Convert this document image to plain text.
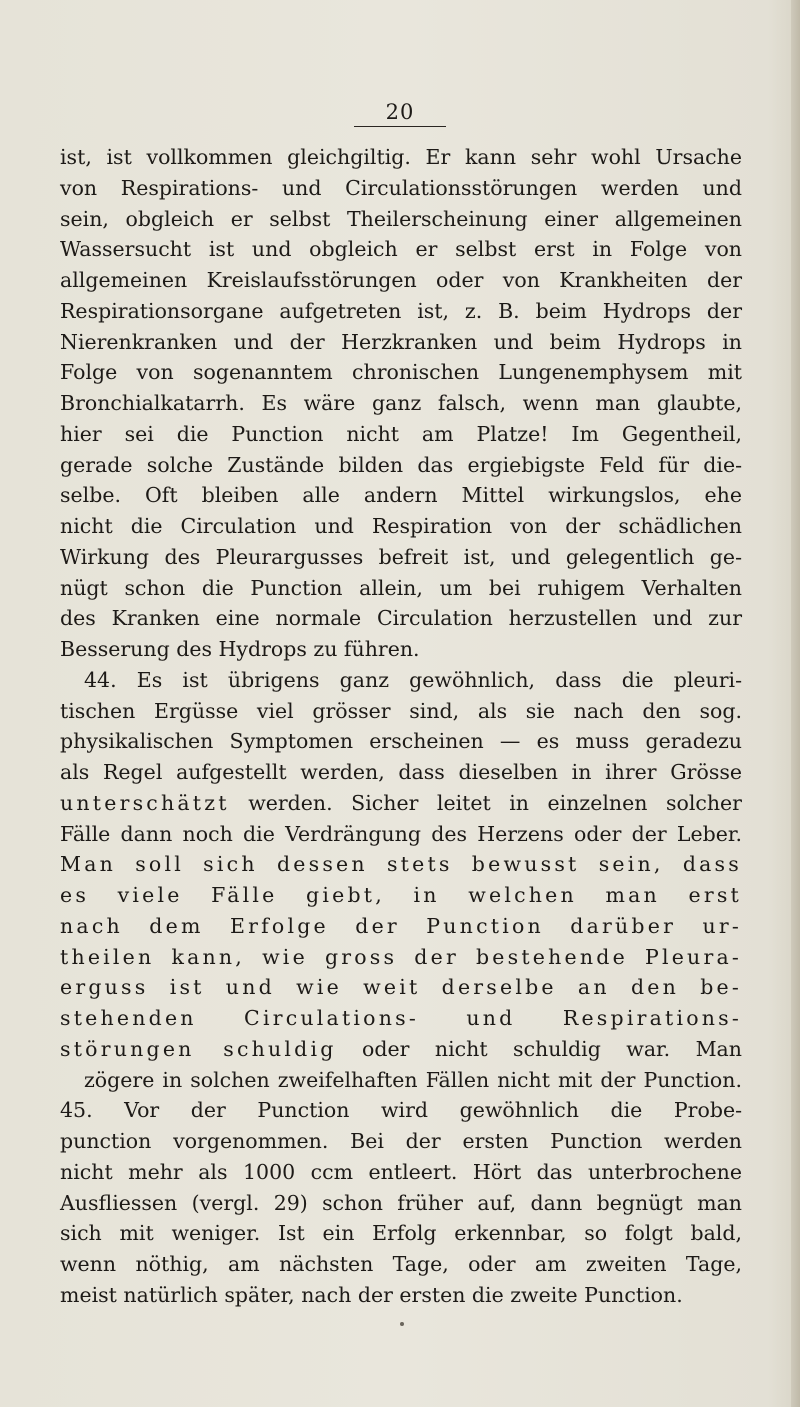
20
ist, ist vollkommen gleichgiltig. Er kann sehr wohl Ursache
von Respirations- und Circulationsstörungen werden und
sein, obgleich er selbst Theilerscheinung einer allgemeinen
Wassersucht ist und obgleich er selbst erst in Folge von
allgemeinen Kreislaufsstörungen oder von Krankheiten der
Respirationsorgane aufgetreten ist, z. B. beim Hydrops der
Nierenkranken und der Herzkranken und beim Hydrops in
Folge von sogenanntem chronischen Lungenemphysem mit
Bronchialkatarrh. Es wäre ganz falsch, wenn man glaubte,
hier sei die Punction nicht am Platze! Im Gegentheil,
gerade solche Zustände bilden das ergiebigste Feld für die-
selbe. Oft bleiben alle andern Mittel wirkungslos, ehe
nicht die Circulation und Respiration von der schädlichen
Wirkung des Pleurargusses befreit ist, und gelegentlich ge-
nügt schon die Punction allein, um bei ruhigem Verhalten
des Kranken eine normale Circulation herzustellen und zur
Besserung des Hydrops zu führen.
44. Es ist übrigens ganz gewöhnlich, dass die pleuri-
tischen Ergüsse viel grösser sind, als sie nach den sog.
physikalischen Symptomen erscheinen — es muss geradezu
als Regel aufgestellt werden, dass dieselben in ihrer Grösse
unterschätzt werden. Sicher leitet in einzelnen solcher
Fälle dann noch die Verdrängung des Herzens oder der Leber.
Man soll sich dessen stets bewusst sein, dass
es viele Fälle giebt, in welchen man erst
nach dem Erfolge der Punction darüber ur-
theilen kann, wie gross der bestehende Pleura-
erguss ist und wie weit derselbe an den be-
stehenden Circulations- und Respirations-
störungen schuldig oder nicht schuldig war. Man
zögere in solchen zweifelhaften Fällen nicht mit der Punction.
45. Vor der Punction wird gewöhnlich die Probe-
punction vorgenommen. Bei der ersten Punction werden
nicht mehr als 1000 ccm entleert. Hört das unterbrochene
Ausfliessen (vergl. 29) schon früher auf, dann begnügt man
sich mit weniger. Ist ein Erfolg erkennbar, so folgt bald,
wenn nöthig, am nächsten Tage, oder am zweiten Tage,
meist natürlich später, nach der ersten die zweite Punction.
